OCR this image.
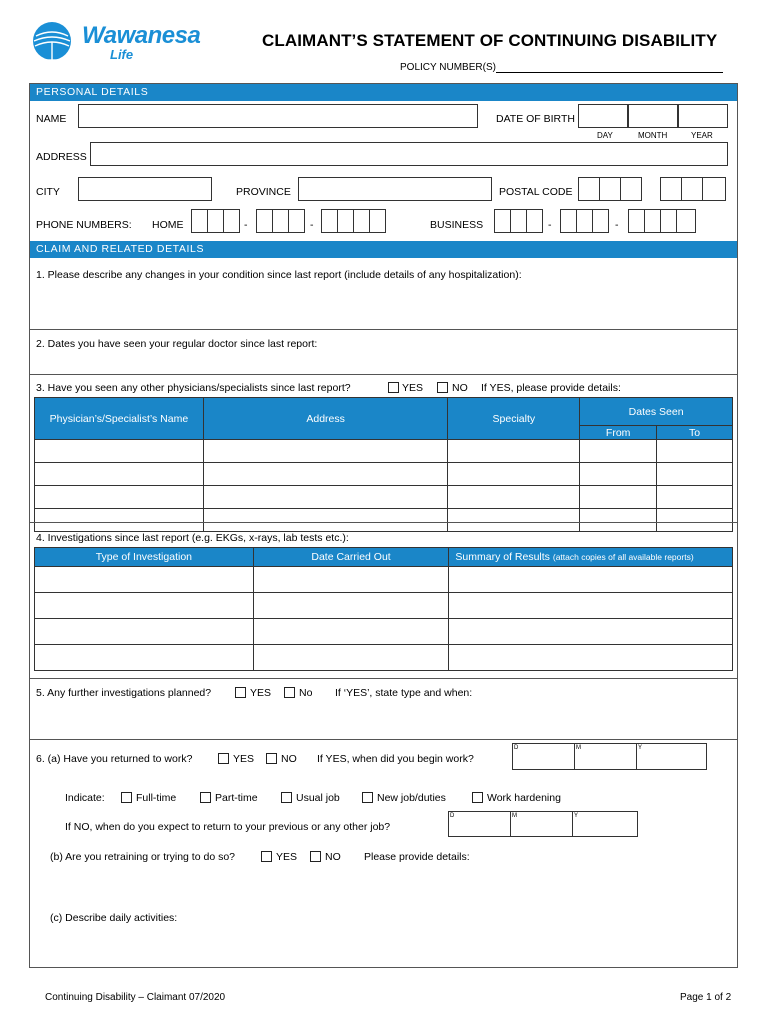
Wawanesa
Life
CLAIMANT’S STATEMENT OF CONTINUING DISABILITY
POLICY NUMBER(S)
PERSONAL DETAILS
NAME	DATE OF BIRTH
DAY	MONTH	YEAR
ADDRESS
CITY	PROVINCE	POSTAL CODE
PHONE NUMBERS: HOME	-	-	BUSINESS	-	-
CLAIM AND RELATED DETAILS
1. Please describe any changes in your condition since last report (include details of any hospitalization):
2. Dates you have seen your regular doctor since last report:
3. Have you seen any other physicians/specialists since last report?	YES	NO If YES, please provide details:
Physician’s/Specialist’s Name	Address	Specialty	Dates Seen	
			From	To

4. Investigations since last report (e.g. EKGs, x-rays, lab tests etc.):
Type of Investigation	Date Carried Out	Summary of Results (attach copies of all available reports)

5. Any further investigations planned?	YES	No If ‘YES’, state type and when:
6. (a) Have you returned to work?	YES	NO If YES, when did you begin work?
D	M	Y
Indicate:	Full-time	Part-time	Usual job	New job/duties	Work hardening
If NO, when do you expect to return to your previous or any other job?
D	M	Y
(b) Are you retraining or trying to do so?	YES	NO Please provide details:
(c) Describe daily activities:
Continuing Disability – Claimant 07/2020	Page 1 of 2
